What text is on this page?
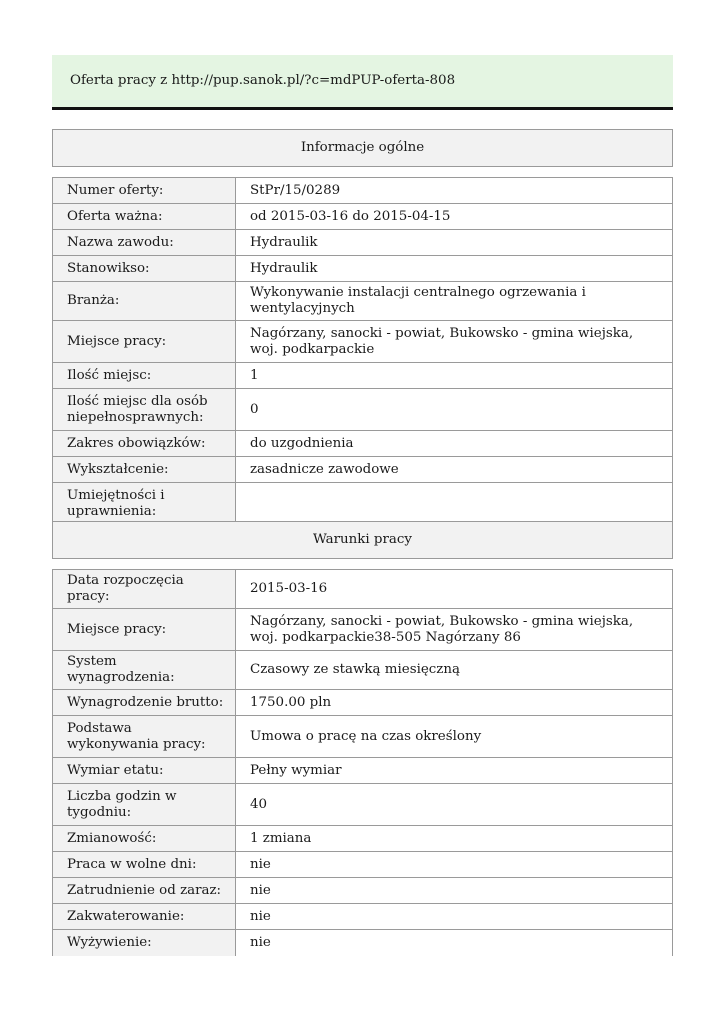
Oferta pracy z http://pup.sanok.pl/?c=mdPUP-oferta-808
Informacje ogólne
Numer oferty:	StPr/15/0289
Oferta ważna:	od 2015-03-16 do 2015-04-15
Nazwa zawodu:	Hydraulik
Stanowikso:	Hydraulik
Branża:	Wykonywanie instalacji centralnego ogrzewania i wentylacyjnych
Miejsce pracy:	Nagórzany, sanocki - powiat, Bukowsko - gmina wiejska, woj. podkarpackie
Ilość miejsc:	1
Ilość miejsc dla osób niepełnosprawnych:	0
Zakres obowiązków:	do uzgodnienia
Wykształcenie:	zasadnicze zawodowe
Umiejętności i uprawnienia:	
Warunki pracy
Data rozpoczęcia pracy:	2015-03-16
Miejsce pracy:	Nagórzany, sanocki - powiat, Bukowsko - gmina wiejska, woj. podkarpackie38-505 Nagórzany 86
System wynagrodzenia:	Czasowy ze stawką miesięczną
Wynagrodzenie brutto:	1750.00 pln
Podstawa wykonywania pracy:	Umowa o pracę na czas określony
Wymiar etatu:	Pełny wymiar
Liczba godzin w tygodniu:	40
Zmianowość:	1 zmiana
Praca w wolne dni:	nie
Zatrudnienie od zaraz:	nie
Zakwaterowanie:	nie
Wyżywienie:	nie
